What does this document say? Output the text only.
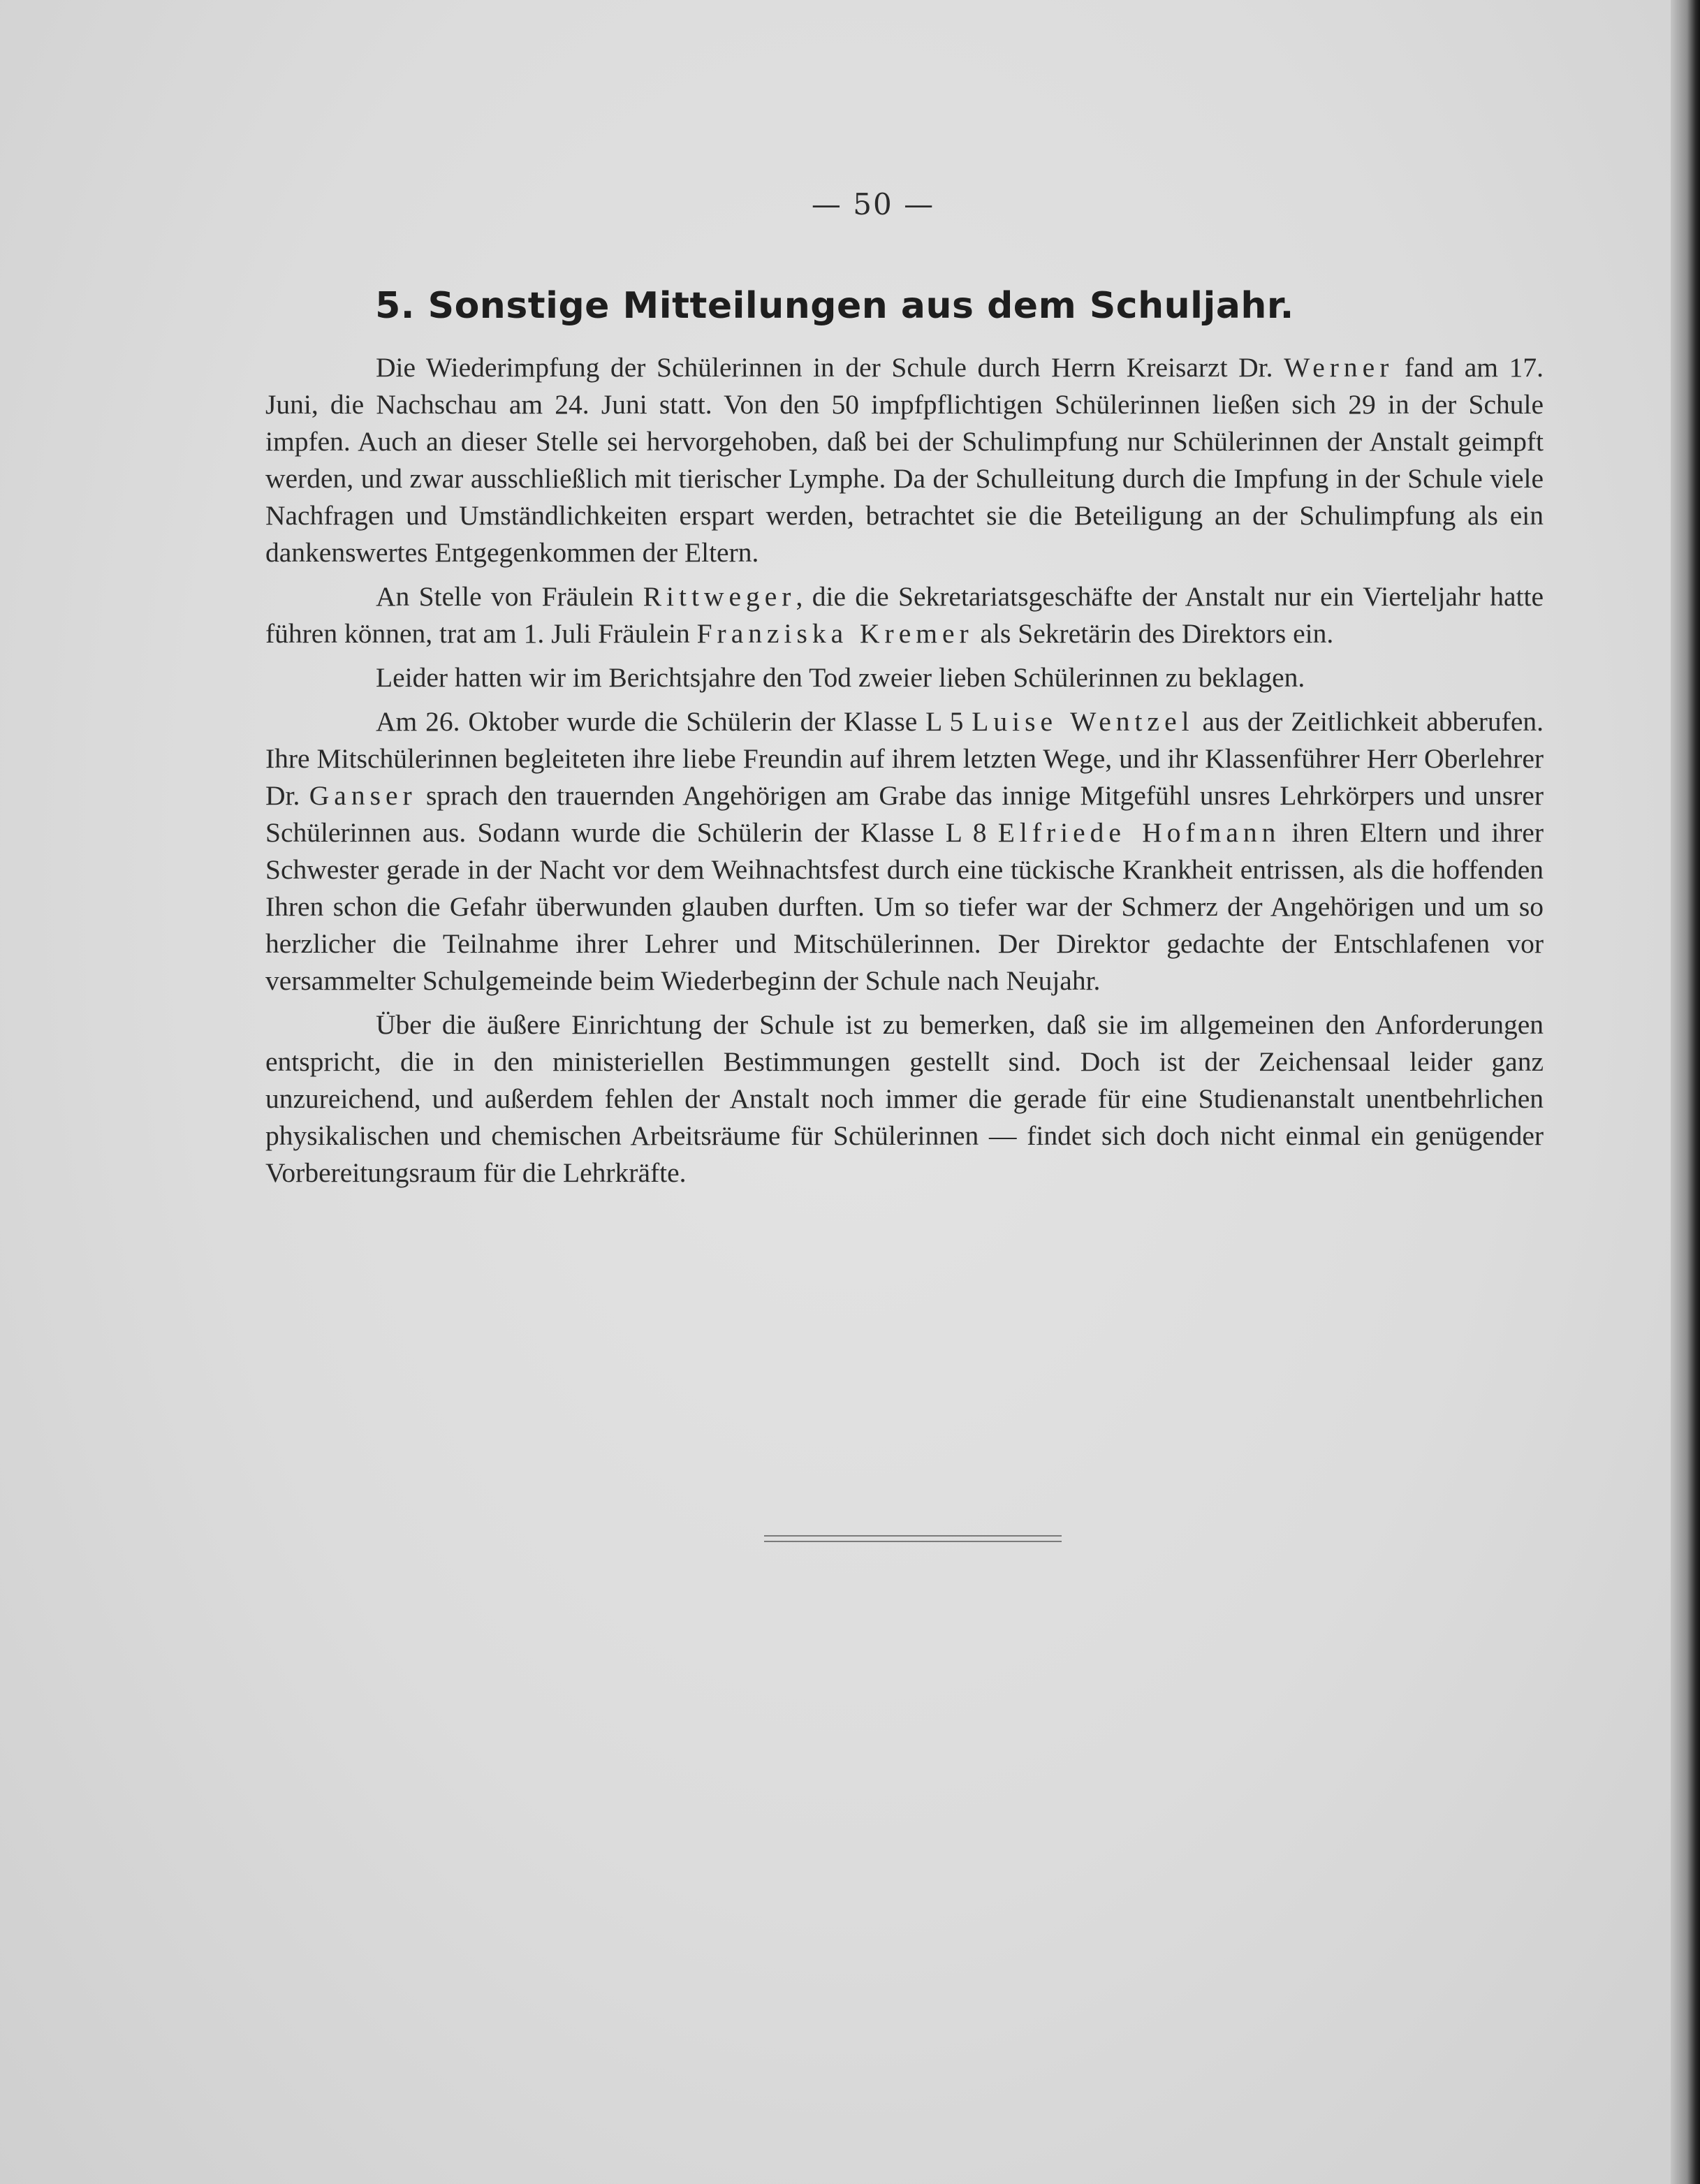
— 50 —
5. Sonstige Mitteilungen aus dem Schuljahr.

Die Wiederimpfung der Schülerinnen in der Schule durch Herrn Kreisarzt Dr. Werner fand am 17. Juni, die Nachschau am 24. Juni statt. Von den 50 impfpflichtigen Schülerinnen ließen sich 29 in der Schule impfen. Auch an dieser Stelle sei hervorgehoben, daß bei der Schulimpfung nur Schülerinnen der Anstalt geimpft werden, und zwar ausschließlich mit tierischer Lymphe. Da der Schulleitung durch die Impfung in der Schule viele Nachfragen und Umständlichkeiten erspart werden, betrachtet sie die Beteiligung an der Schulimpfung als ein dankenswertes Entgegenkommen der Eltern.

An Stelle von Fräulein Rittweger, die die Sekretariatsgeschäfte der Anstalt nur ein Vierteljahr hatte führen können, trat am 1. Juli Fräulein Franziska Kremer als Sekretärin des Direktors ein.

Leider hatten wir im Berichtsjahre den Tod zweier lieben Schülerinnen zu beklagen.

Am 26. Oktober wurde die Schülerin der Klasse L 5 Luise Wentzel aus der Zeitlichkeit abberufen. Ihre Mitschülerinnen begleiteten ihre liebe Freundin auf ihrem letzten Wege, und ihr Klassenführer Herr Oberlehrer Dr. Ganser sprach den trauernden Angehörigen am Grabe das innige Mitgefühl unsres Lehrkörpers und unsrer Schülerinnen aus. Sodann wurde die Schülerin der Klasse L 8 Elfriede Hofmann ihren Eltern und ihrer Schwester gerade in der Nacht vor dem Weihnachtsfest durch eine tückische Krankheit entrissen, als die hoffenden Ihren schon die Gefahr überwunden glauben durften. Um so tiefer war der Schmerz der Angehörigen und um so herzlicher die Teilnahme ihrer Lehrer und Mitschülerinnen. Der Direktor gedachte der Entschlafenen vor versammelter Schulgemeinde beim Wiederbeginn der Schule nach Neujahr.

Über die äußere Einrichtung der Schule ist zu bemerken, daß sie im allgemeinen den Anforderungen entspricht, die in den ministeriellen Bestimmungen gestellt sind. Doch ist der Zeichensaal leider ganz unzureichend, und außerdem fehlen der Anstalt noch immer die gerade für eine Studienanstalt unentbehrlichen physikalischen und chemischen Arbeitsräume für Schülerinnen — findet sich doch nicht einmal ein genügender Vorbereitungsraum für die Lehrkräfte.
